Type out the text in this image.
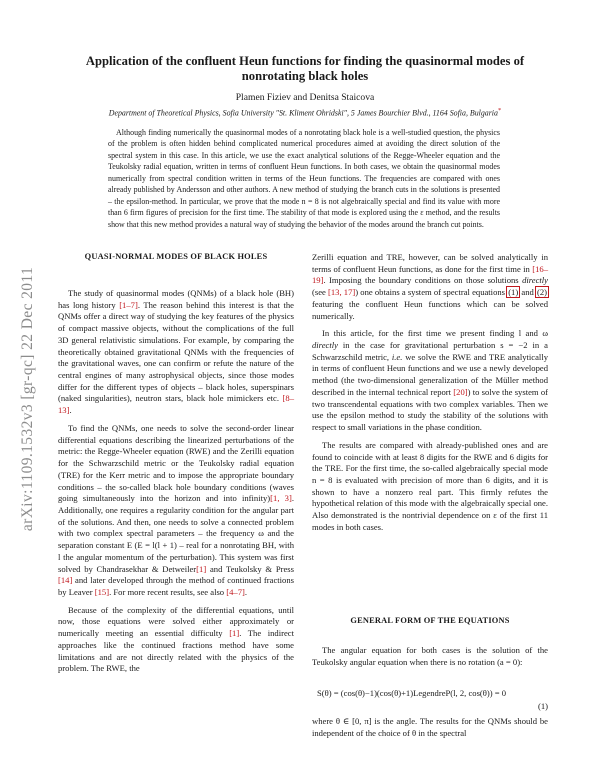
arXiv:1109.1532v3 [gr-qc] 22 Dec 2011
Application of the confluent Heun functions for finding the quasinormal modes of nonrotating black holes
Plamen Fiziev and Denitsa Staicova
Department of Theoretical Physics, Sofia University "St. Kliment Ohridski", 5 James Bourchier Blvd., 1164 Sofia, Bulgaria*
Although finding numerically the quasinormal modes of a nonrotating black hole is a well-studied question, the physics of the problem is often hidden behind complicated numerical procedures aimed at avoiding the direct solution of the spectral system in this case. In this article, we use the exact analytical solutions of the Regge-Wheeler equation and the Teukolsky radial equation, written in terms of confluent Heun functions. In both cases, we obtain the quasinormal modes numerically from spectral condition written in terms of the Heun functions. The frequencies are compared with ones already published by Andersson and other authors. A new method of studying the branch cuts in the solutions is presented – the epsilon-method. In particular, we prove that the mode n = 8 is not algebraically special and find its value with more than 6 firm figures of precision for the first time. The stability of that mode is explored using the ε method, and the results show that this new method provides a natural way of studying the behavior of the modes around the branch cut points.
QUASI-NORMAL MODES OF BLACK HOLES

The study of quasinormal modes (QNMs) of a black hole (BH) has long history [1–7]. The reason behind this interest is that the QNMs offer a direct way of studying the key features of the physics of compact massive objects, without the complications of the full 3D general relativistic simulations. For example, by comparing the theoretically obtained gravitational QNMs with the frequencies of the gravitational waves, one can confirm or refute the nature of the central engines of many astrophysical objects, since those modes differ for the different types of objects – black holes, superspinars (naked singularities), neutron stars, black hole mimickers etc. [8–13].

To find the QNMs, one needs to solve the second-order linear differential equations describing the linearized perturbations of the metric: the Regge-Wheeler equation (RWE) and the Zerilli equation for the Schwarzschild metric or the Teukolsky radial equation (TRE) for the Kerr metric and to impose the appropriate boundary conditions – the so-called black hole boundary conditions (waves going simultaneously into the horizon and into infinity)[1, 3]. Additionally, one requires a regularity condition for the angular part of the solutions. And then, one needs to solve a connected problem with two complex spectral parameters – the frequency ω and the separation constant E (E = l(l + 1) – real for a nonrotating BH, with l the angular momentum of the perturbation). This system was first solved by Chandrasekhar & Detweiler[1] and Teukolsky & Press [14] and later developed through the method of continued fractions by Leaver [15]. For more recent results, see also [4–7].

Because of the complexity of the differential equations, until now, those equations were solved either approximately or numerically meeting an essential difficulty [1]. The indirect approaches like the continued fractions method have some limitations and are not directly related with the physics of the problem. The RWE, the

Zerilli equation and TRE, however, can be solved analytically in terms of confluent Heun functions, as done for the first time in [16–19]. Imposing the boundary conditions on those solutions directly (see [13, 17]) one obtains a system of spectral equations (1) and (2) featuring the confluent Heun functions which can be solved numerically.

In this article, for the first time we present finding l and ω directly in the case for gravitational perturbation s = −2 in a Schwarzschild metric, i.e. we solve the RWE and TRE analytically in terms of confluent Heun functions and we use a newly developed method (the two-dimensional generalization of the Müller method described in the internal technical report [20]) to solve the system of two transcendental equations with two complex variables. Then we use the epsilon method to study the stability of the solutions with respect to small variations in the phase condition.

The results are compared with already-published ones and are found to coincide with at least 8 digits for the RWE and 6 digits for the TRE. For the first time, the so-called algebraically special mode n = 8 is evaluated with precision of more than 6 digits, and it is shown to have a nonzero real part. This firmly refutes the hypothetical relation of this mode with the algebraically special one. Also demonstrated is the nontrivial dependence on ε of the first 11 modes in both cases.

GENERAL FORM OF THE EQUATIONS

The angular equation for both cases is the solution of the Teukolsky angular equation when there is no rotation (a = 0):

S(θ) = (cos(θ)−1)(cos(θ)+1)LegendreP(l, 2, cos(θ)) = 0
(1)

where θ ∈ [0, π] is the angle. The results for the QNMs should be independent of the choice of θ in the spectral
